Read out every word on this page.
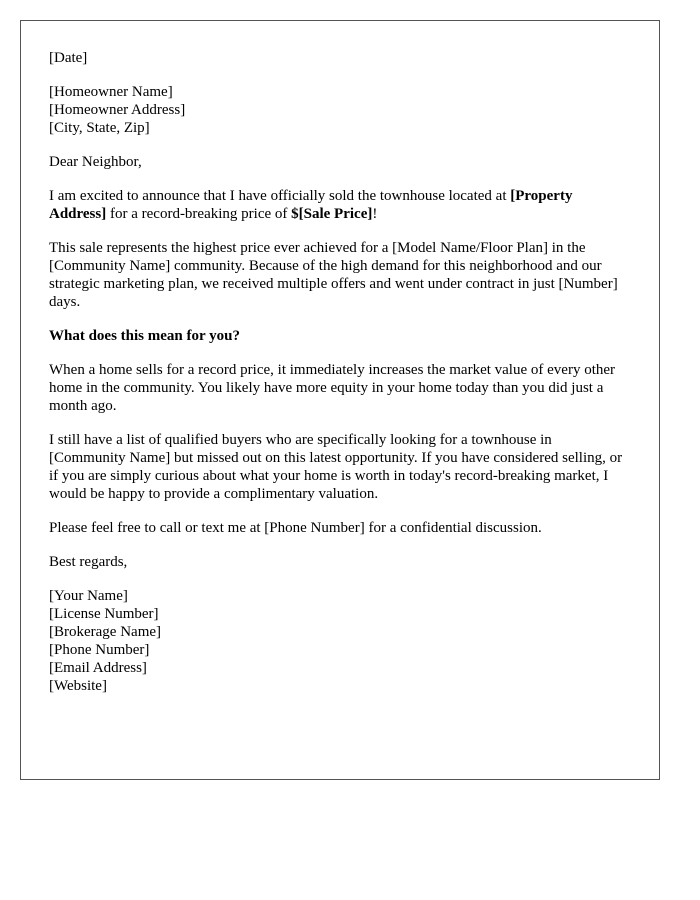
[Date]

[Homeowner Name]

[Homeowner Address]

[City, State, Zip]

Dear Neighbor,

I am excited to announce that I have officially sold the townhouse located at [Property Address] for a record-breaking price of $[Sale Price]!

This sale represents the highest price ever achieved for a [Model Name/Floor Plan] in the [Community Name] community. Because of the high demand for this neighborhood and our strategic marketing plan, we received multiple offers and went under contract in just [Number] days.

What does this mean for you?

When a home sells for a record price, it immediately increases the market value of every other home in the community. You likely have more equity in your home today than you did just a month ago.

I still have a list of qualified buyers who are specifically looking for a townhouse in [Community Name] but missed out on this latest opportunity. If you have considered selling, or if you are simply curious about what your home is worth in today's record-breaking market, I would be happy to provide a complimentary valuation.

Please feel free to call or text me at [Phone Number] for a confidential discussion.

Best regards,

[Your Name]

[License Number]

[Brokerage Name]

[Phone Number]

[Email Address]

[Website]
